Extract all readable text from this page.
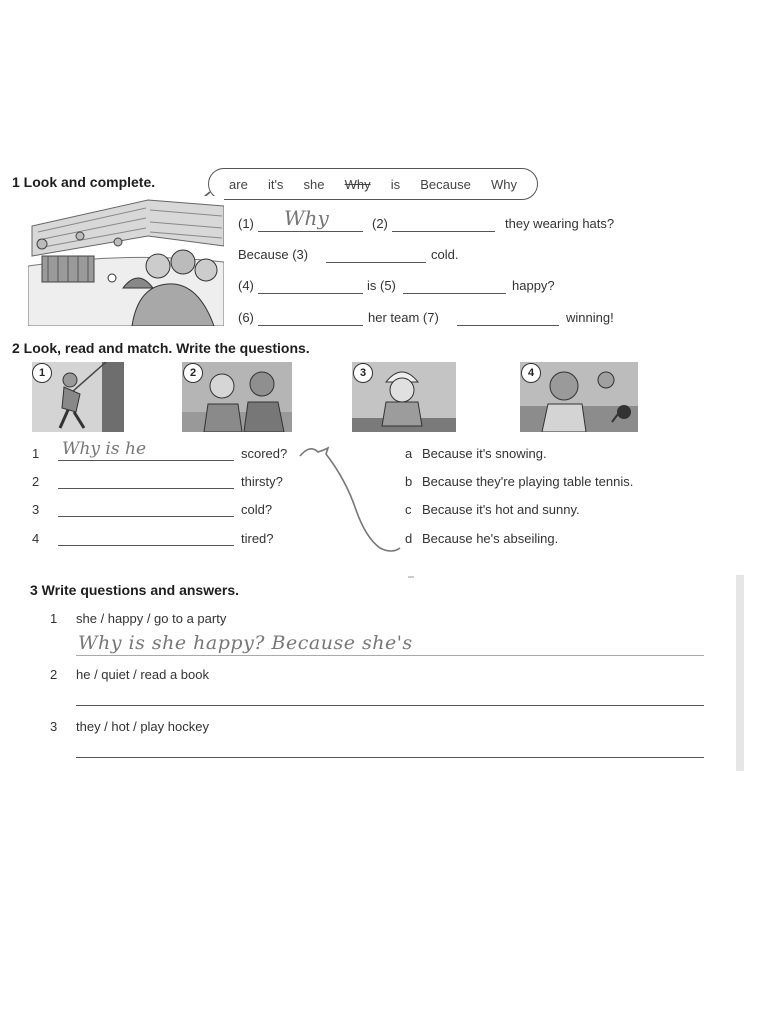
1 Look and complete.	are it's she Why is Because Why
(1) Why	(2)	they wearing hats?
Because (3)	cold.
(4)	is (5)	happy?
(6)	her team (7)	winning!
2 Look, read and match. Write the questions.
1	2	3	4
1 Why is he	scored?
2	thirsty?
3	cold?
4	tired?
a Because it's snowing.
b Because they're playing table tennis.
c Because it's hot and sunny.
d Because he's abseiling.
3 Write questions and answers.
1 she / happy / go to a party
Why is she happy? Because she's
2 he / quiet / read a book
3 they / hot / play hockey
